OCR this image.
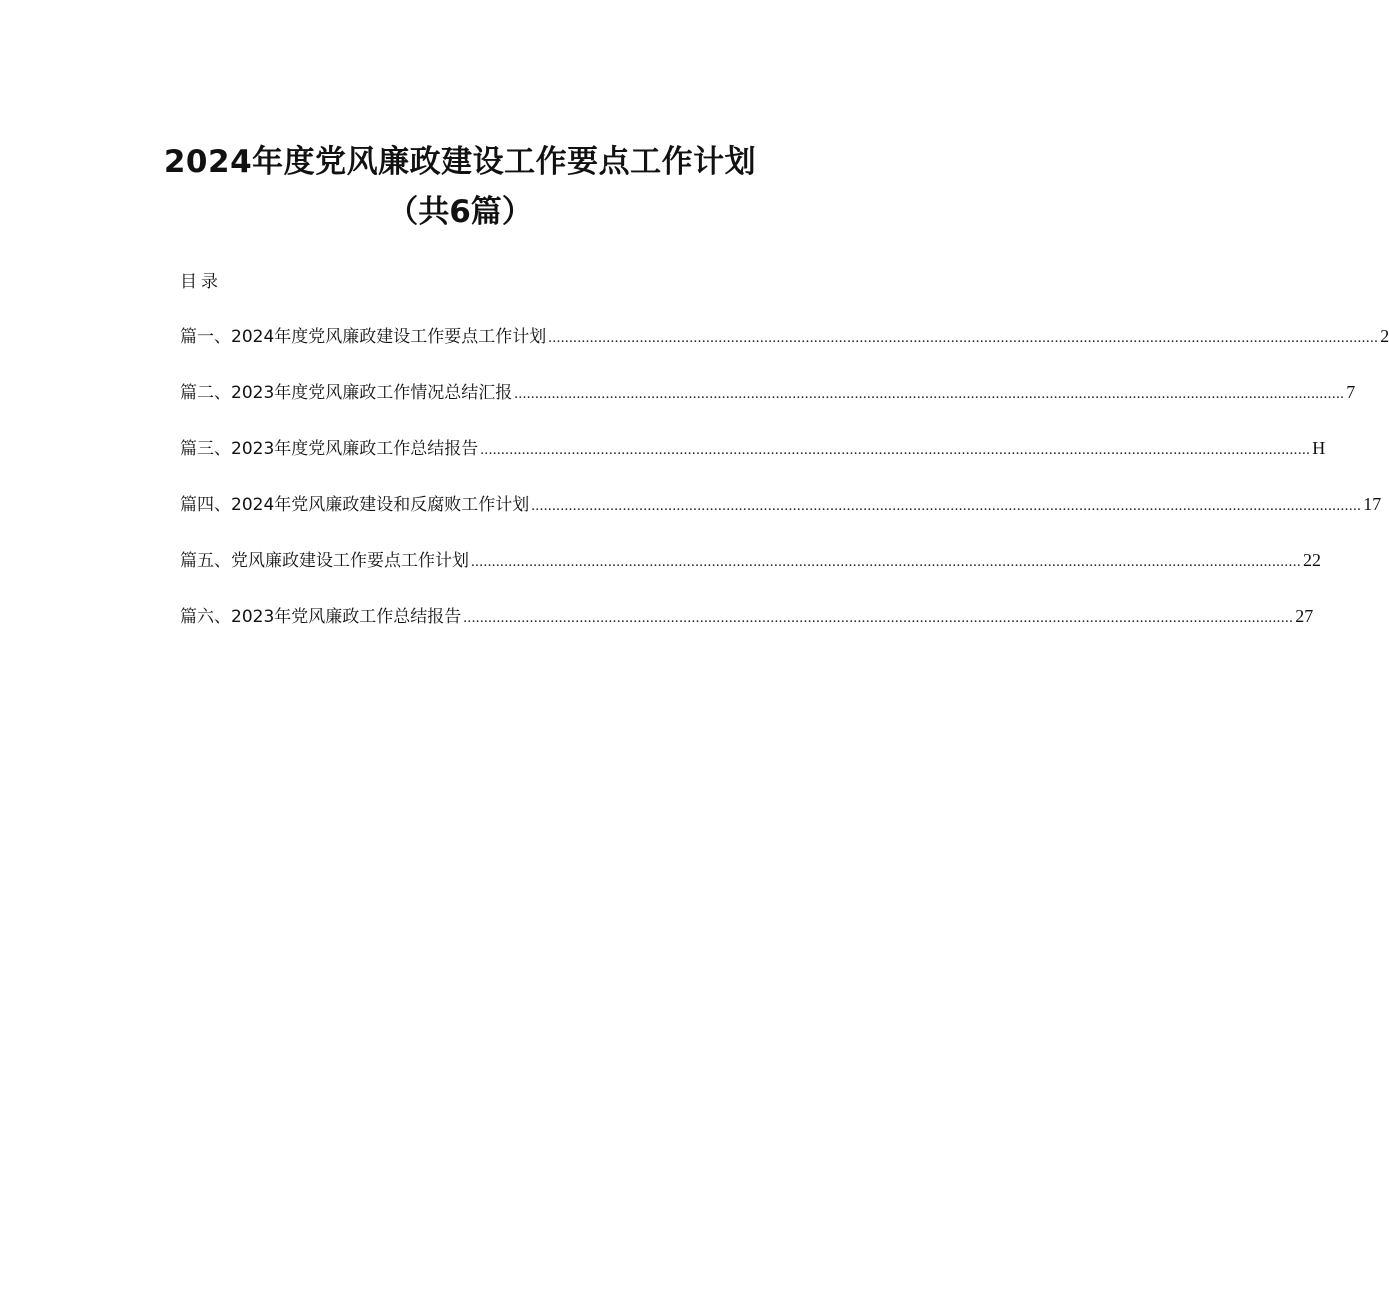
2024年度党风廉政建设工作要点工作计划
（共6篇）
目录
篇一、2024年度党风廉政建设工作要点工作计划 ........................................................................................................................................................................................................ 2
篇二、2023年度党风廉政工作情况总结汇报 ........................................................................................................................................................................................................ 7
篇三、2023年度党风廉政工作总结报告 ........................................................................................................................................................................................................ H
篇四、2024年党风廉政建设和反腐败工作计划 ........................................................................................................................................................................................................ 17
篇五、党风廉政建设工作要点工作计划 ........................................................................................................................................................................................................ 22
篇六、2023年党风廉政工作总结报告 ........................................................................................................................................................................................................ 27
